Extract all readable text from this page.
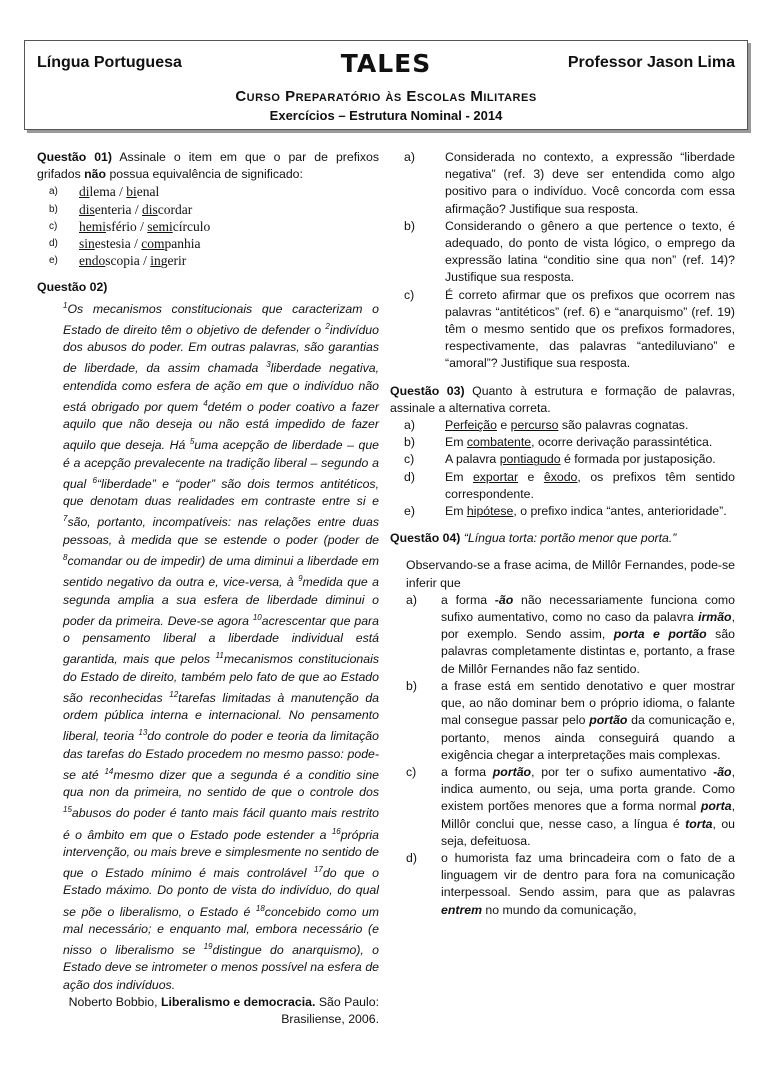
Língua Portuguesa	TALES	Professor Jason Lima
Curso Preparatório às Escolas Militares
Exercícios – Estrutura Nominal - 2014
Questão 01) Assinale o item em que o par de prefixos grifados não possua equivalência de significado:
a)	dilema / bienal
b)	disenteria / discordar
c)	hemisfério / semicírculo
d)	sinestesia / companhia
e)	endoscopia / ingerir
Questão 02)
$^1$Os mecanismos constitucionais que caracterizam o Estado de direito têm o objetivo de defender o $^2$indivíduo dos abusos do poder. Em outras palavras, são garantias de liberdade, da assim chamada $^3$liberdade negativa, entendida como esfera de ação em que o indivíduo não está obrigado por quem $^4$detém o poder coativo a fazer aquilo que não deseja ou não está impedido de fazer aquilo que deseja. Há $^5$uma acepção de liberdade – que é a acepção prevalecente na tradição liberal – segundo a qual $^6$“liberdade” e “poder” são dois termos antitéticos, que denotam duas realidades em contraste entre si e $^7$são, portanto, incompatíveis: nas relações entre duas pessoas, à medida que se estende o poder (poder de $^8$comandar ou de impedir) de uma diminui a liberdade em sentido negativo da outra e, vice-versa, à $^9$medida que a segunda amplia a sua esfera de liberdade diminui o poder da primeira. Deve-se agora $^{10}$acrescentar que para o pensamento liberal a liberdade individual está garantida, mais que pelos $^{11}$mecanismos constitucionais do Estado de direito, também pelo fato de que ao Estado são reconhecidas $^{12}$tarefas limitadas à manutenção da ordem pública interna e internacional. No pensamento liberal, teoria $^{13}$do controle do poder e teoria da limitação das tarefas do Estado procedem no mesmo passo: pode-se até $^{14}$mesmo dizer que a segunda é a conditio sine qua non da primeira, no sentido de que o controle dos $^{15}$abusos do poder é tanto mais fácil quanto mais restrito é o âmbito em que o Estado pode estender a $^{16}$própria intervenção, ou mais breve e simplesmente no sentido de que o Estado mínimo é mais controlável $^{17}$do que o Estado máximo. Do ponto de vista do indivíduo, do qual se põe o liberalismo, o Estado é $^{18}$concebido como um mal necessário; e enquanto mal, embora necessário (e nisso o liberalismo se $^{19}$distingue do anarquismo), o Estado deve se intrometer o menos possível na esfera de ação dos indivíduos.
Noberto Bobbio, Liberalismo e democracia. São Paulo: Brasiliense, 2006.
a)	Considerada no contexto, a expressão “liberdade negativa” (ref. 3) deve ser entendida como algo positivo para o indivíduo. Você concorda com essa afirmação? Justifique sua resposta.
b)	Considerando o gênero a que pertence o texto, é adequado, do ponto de vista lógico, o emprego da expressão latina “conditio sine qua non” (ref. 14)? Justifique sua resposta.
c)	É correto afirmar que os prefixos que ocorrem nas palavras “antitéticos” (ref. 6) e “anarquismo” (ref. 19) têm o mesmo sentido que os prefixos formadores, respectivamente, das palavras “antediluviano” e “amoral”? Justifique sua resposta.
Questão 03) Quanto à estrutura e formação de palavras, assinale a alternativa correta.
a)	Perfeição e percurso são palavras cognatas.
b)	Em combatente, ocorre derivação parassintética.
c)	A palavra pontiagudo é formada por justaposição.
d)	Em exportar e êxodo, os prefixos têm sentido correspondente.
e)	Em hipótese, o prefixo indica “antes, anterioridade”.
Questão 04) “Língua torta: portão menor que porta.”
Observando-se a frase acima, de Millôr Fernandes, pode-se inferir que
a)	a forma -ão não necessariamente funciona como sufixo aumentativo, como no caso da palavra irmão, por exemplo. Sendo assim, porta e portão são palavras completamente distintas e, portanto, a frase de Millôr Fernandes não faz sentido.
b)	a frase está em sentido denotativo e quer mostrar que, ao não dominar bem o próprio idioma, o falante mal consegue passar pelo portão da comunicação e, portanto, menos ainda conseguirá quando a exigência chegar a interpretações mais complexas.
c)	a forma portão, por ter o sufixo aumentativo -ão, indica aumento, ou seja, uma porta grande. Como existem portões menores que a forma normal porta, Millôr conclui que, nesse caso, a língua é torta, ou seja, defeituosa.
d)	o humorista faz uma brincadeira com o fato de a linguagem vir de dentro para fora na comunicação interpessoal. Sendo assim, para que as palavras entrem no mundo da comunicação,
